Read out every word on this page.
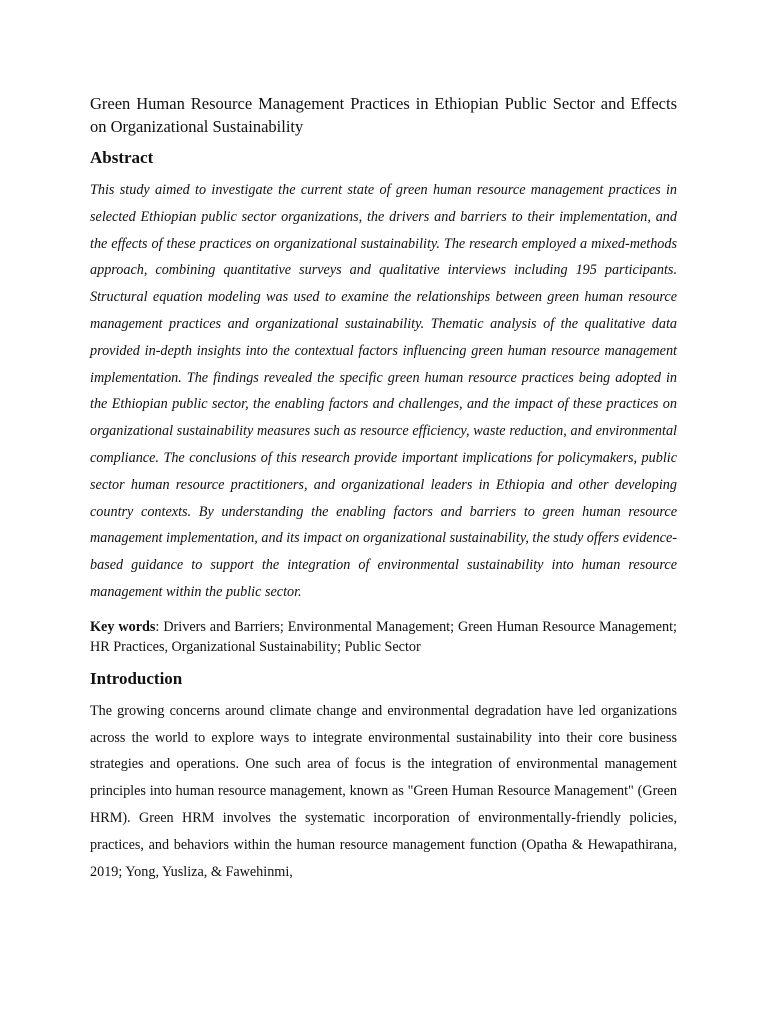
Green Human Resource Management Practices in Ethiopian Public Sector and Effects on Organizational Sustainability
Abstract

This study aimed to investigate the current state of green human resource management practices in selected Ethiopian public sector organizations, the drivers and barriers to their implementation, and the effects of these practices on organizational sustainability. The research employed a mixed-methods approach, combining quantitative surveys and qualitative interviews including 195 participants. Structural equation modeling was used to examine the relationships between green human resource management practices and organizational sustainability. Thematic analysis of the qualitative data provided in-depth insights into the contextual factors influencing green human resource management implementation. The findings revealed the specific green human resource practices being adopted in the Ethiopian public sector, the enabling factors and challenges, and the impact of these practices on organizational sustainability measures such as resource efficiency, waste reduction, and environmental compliance. The conclusions of this research provide important implications for policymakers, public sector human resource practitioners, and organizational leaders in Ethiopia and other developing country contexts. By understanding the enabling factors and barriers to green human resource management implementation, and its impact on organizational sustainability, the study offers evidence-based guidance to support the integration of environmental sustainability into human resource management within the public sector.

Key words: Drivers and Barriers; Environmental Management; Green Human Resource Management; HR Practices, Organizational Sustainability; Public Sector

Introduction

The growing concerns around climate change and environmental degradation have led organizations across the world to explore ways to integrate environmental sustainability into their core business strategies and operations. One such area of focus is the integration of environmental management principles into human resource management, known as "Green Human Resource Management" (Green HRM). Green HRM involves the systematic incorporation of environmentally-friendly policies, practices, and behaviors within the human resource management function (Opatha & Hewapathirana, 2019; Yong, Yusliza, & Fawehinmi,
